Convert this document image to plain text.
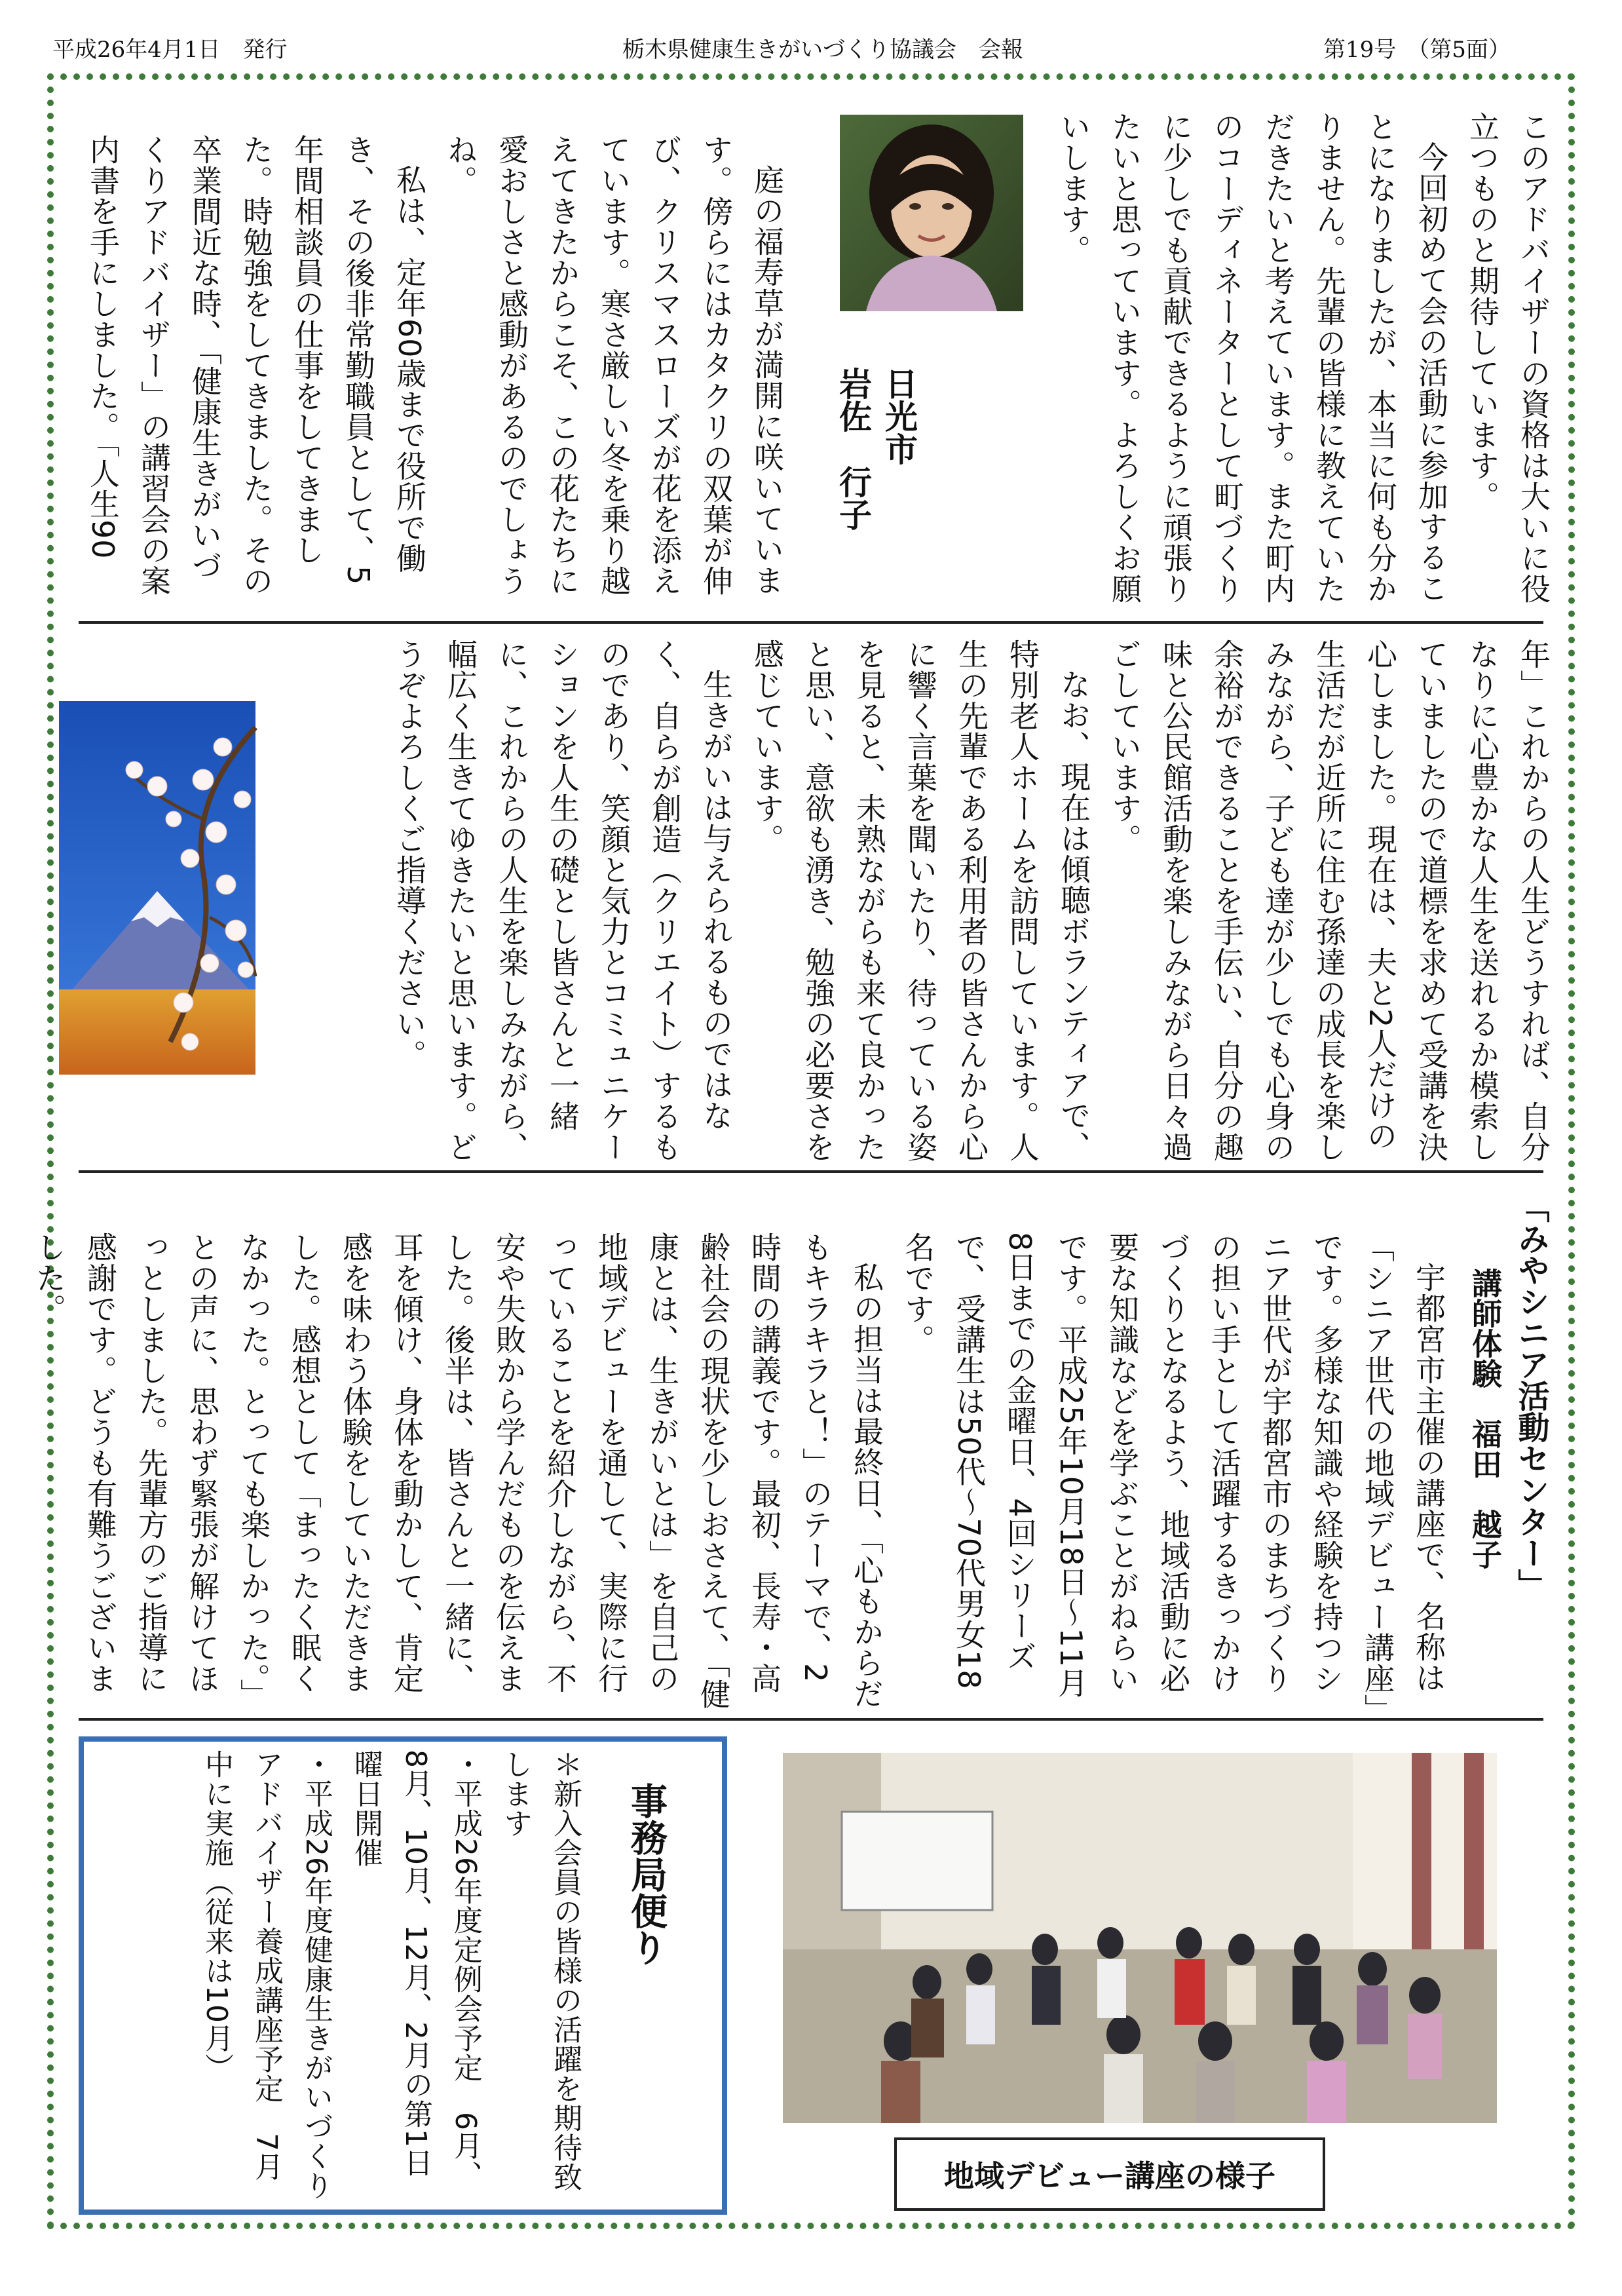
平成26年4月1日　発行	栃木県健康生きがいづくり協議会　会報	第19号　（第5面）

このアドバイザーの資格は大いに役立つものと期待しています。

今回初めて会の活動に参加することになりましたが、本当に何も分かりません。先輩の皆様に教えていただきたいと考えています。また町内のコーディネーターとして町づくりに少しでも貢献できるように頑張りたいと思っています。よろしくお願いします。

日光市
岩佐　行子

庭の福寿草が満開に咲いています。傍らにはカタクリの双葉が伸び、クリスマスローズが花を添えています。寒さ厳しい冬を乗り越えてきたからこそ、この花たちに愛おしさと感動があるのでしょうね。

私は、定年60歳まで役所で働き、その後非常勤職員として、5年間相談員の仕事をしてきました。時勉強をしてきました。その卒業間近な時、「健康生きがいづくりアドバイザー」の講習会の案内書を手にしました。「人生90

年」これからの人生どうすれば、自分なりに心豊かな人生を送れるか模索していましたので道標を求めて受講を決心しました。現在は、夫と2人だけの生活だが近所に住む孫達の成長を楽しみながら、子ども達が少しでも心身の余裕ができることを手伝い、自分の趣味と公民館活動を楽しみながら日々過ごしています。

なお、現在は傾聴ボランティアで、特別老人ホームを訪問しています。人生の先輩である利用者の皆さんから心に響く言葉を聞いたり、待っている姿を見ると、未熟ながらも来て良かったと思い、意欲も湧き、勉強の必要さを感じています。

生きがいは与えられるものではなく、自らが創造（クリエイト）するものであり、笑顔と気力とコミュニケーションを人生の礎とし皆さんと一緒に、これからの人生を楽しみながら、幅広く生きてゆきたいと思います。どうぞよろしくご指導ください。

「みやシニア活動センター」
講師体験　福田　越子

宇都宮市主催の講座で、名称は「シニア世代の地域デビュー講座」です。多様な知識や経験を持つシニア世代が宇都宮市のまちづくりの担い手として活躍するきっかけづくりとなるよう、地域活動に必要な知識などを学ぶことがねらいです。平成25年10月18日～11月8日までの金曜日、4回シリーズで、受講生は50代～70代男女18名です。

私の担当は最終日、「心もからだもキラキラと！」のテーマで、2時間の講義です。最初、長寿・高齢社会の現状を少しおさえて、「健康とは、生きがいとは」を自己の地域デビューを通して、実際に行っていることを紹介しながら、不安や失敗から学んだものを伝えました。後半は、皆さんと一緒に、耳を傾け、身体を動かして、肯定感を味わう体験をしていただきました。感想として「まったく眠くなかった。とっても楽しかった。」との声に、思わず緊張が解けてほっとしました。先輩方のご指導に感謝です。どうも有難うございました。

事務局便り

＊新入会員の皆様の活躍を期待致します

・平成26年度定例会予定　6月、8月、10月、12月、2月の第1日曜日開催

・平成26年度健康生きがいづくりアドバイザー養成講座予定　7月中に実施（従来は10月）

地域デビュー講座の様子
